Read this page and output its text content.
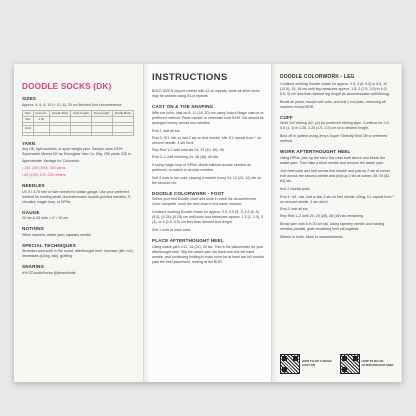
DOODLE SOCKS (DK)
SIZES

Approx. 4, 6, 8, 10 (+ 12, 8), 20 cm finished foot circumference

Size	Foot circ.	Doodle Body	Foot Length	Foot Lengthⁱ	Doodle Body
Kids	4 (8)				

Adult					

YARN

Any DK, light worsted, or sport weight yarn. Sample uses 100% Superwash Merino DK by Moonglow Yarn Co. 50g, 250 yards 228 m.

Approximate Yardage for Colorwork:

• 150, 250 (300), 350 yards

• 60 (125), 175, 225 meters

NEEDLES

US 5 / 3.75 mm or size needed to obtain gauge. Use your preferred method for knitting small circumferences: double-pointed needles, 9" circulars, magic loop, or DPNs.

GAUGE

22 sts & 28 rnds = 4" / 10 cm

NOTIONS

Stitch markers, waste yarn, tapestry needle

SPECIAL TECHNIQUES

Stranded colorwork in the round, afterthought heel, increase (kfb, m1), decreases (k2tog, ssk), grafting

SHARING

#YKCDoodleSocks @jbeanbknits

INSTRUCTIONS

BOLD SIZES require needle with 12-st repeats, while all other sizes may be worked using 24-st repeats.

CAST ON & TOE SHAPING

With toe color, cast on 8, 12 (16, 20) toe using Judy's Magic cast on or preferred method. Place marker or otherwise note BOR. Sts should be arranged evenly across two needles.

Rnd 1: knit all sts.

Rnd 2: *K1, kfb; to last 2 sts on first needle, kfb, K1; repeat from * on second needle. 4 sts inc'd.

Rep Rnd 1-2 until total sts 24, 32 (40, 48), 56.

Rnd 3–2 until reaching 24, 36 (48), 60 sts.

If using magic loop or DPNs, divide stitches across needles as preferred, or switch to circular needles.

Knit 2 rnds in toe color, placing a marker every 24, 12 (24, 12) sts on the second rnd.

DOODLE COLORWORK - FOOT

Select your first Doodle chart and work it round the circumference. Once complete, work the next chart in the same manner.

Continue working Doodle charts for approx. 2.5, 5.5 (6, 7) 4.5 (8, 8) (5.5), (5.25), (5.25) cm until sock foot measures approx. 1.5 (2, 2.5), 3 (4), or 5 (2.5, 8.5) cm less than desired foot length.

Knit 2 rnds in main color.

PLACE AFTERTHOUGHT HEEL

Using waste yarn, k12, 18 (24), 30 sts. This is the placeholder for your afterthought heel. Slip the waste yarn sts back onto the left hand needle, and continuing knitting in main color for at least two full rounds past the heel placement, ending at the BOR.

DOODLE COLORWORK - LEG

Continue working Doodle charts for approx. 2.5, 4 (5, 6.5) in 8.5, 10 (12.5), 15, 16 cm until leg measures approx. 1.5, 2 (2.5, 3.5) in 4 (5, 6.5, 9) cm less than desired leg length (to accommodate cuff/ribbing).

Break all yarns, except cuff color, and knit 1 rnd plain, removing all markers except BOR.

CUFF

Work 2x2 ribbing (k2, p2) for preferred ribbing style. Continue for 0.5, 0.5 (1, 1) in 1.25, 2.25 (2.5, 2.5) cm or to desired length.

Bind off in pattern using Jeny's Super Stretchy Bind Off or preferred method.

WORK AFTERTHOUGHT HEEL

Using DPNs, pick up the sts in the rows both above and below the waste yarn. Then take a blunt needle and remove the waste yarn.

Join heel color and knit across first needle and pick up 2 sts at corner. Knit across the second needle and pick up 2 sts at corner. 28, 40 (52, 64) sts.

Knit 2 rounds plain.

Rnd 1: *k1, ssk, knit to last 3 sts on first needle, k2tog, k1; repeat from * on second needle. 4 sts dec'd.

Rnd 2: knit all sts.

Rep Rnd 1–2 until 20, 24 (28), 28 (16) sts remaining.

Break yarn with 8 in 20 cm tail. Using tapestry needle and holding needles parallel, graft remaining heel sts together.

Weave in ends; block to measurements.

HOW TO DO A MAGIC CAST ON
HOW TO DO AN AFTERTHOUGHT HEEL
